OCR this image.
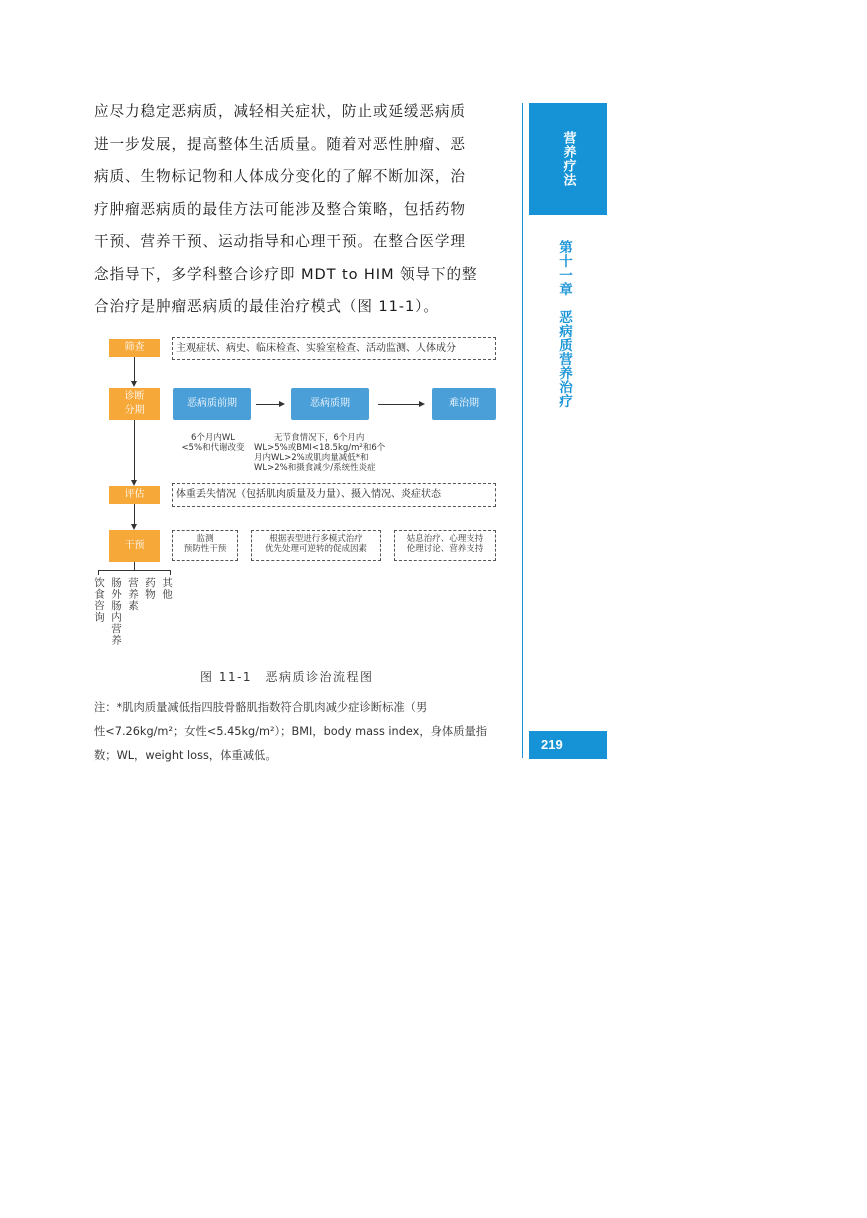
应尽力稳定恶病质，减轻相关症状，防止或延缓恶病质
进一步发展，提高整体生活质量。随着对恶性肿瘤、恶
病质、生物标记物和人体成分变化的了解不断加深，治
疗肿瘤恶病质的最佳方法可能涉及整合策略，包括药物
干预、营养干预、运动指导和心理干预。在整合医学理
念指导下，多学科整合诊疗即 MDT to HIM 领导下的整
合治疗是肿瘤恶病质的最佳治疗模式（图 11-1）。

营养疗法
第十一章　恶病质营养治疗
219
筛查	主观症状、病史、临床检查、实验室检查、活动监测、人体成分
诊断
分期
恶病质前期	恶病质期	难治期
6个月内WL
<5%和代谢改变
无节食情况下，6个月内
WL>5%或BMI<18.5kg/m²和6个
月内WL>2%或肌肉量减低*和
WL>2%和摄食减少/系统性炎症
评估	体重丢失情况（包括肌肉质量及力量）、摄入情况、炎症状态
干预
监测
预防性干预
根据表型进行多模式治疗
优先处理可逆转的促成因素
姑息治疗、心理支持
伦理讨论、营养支持
饮食咨询 肠外肠内营养 营养素 药物 其他
图 11-1　恶病质诊治流程图

注：*肌肉质量减低指四肢骨骼肌指数符合肌肉减少症诊断标准（男
性<7.26kg/m²；女性<5.45kg/m²）；BMI，body mass index，身体质量指
数；WL，weight loss，体重减低。
